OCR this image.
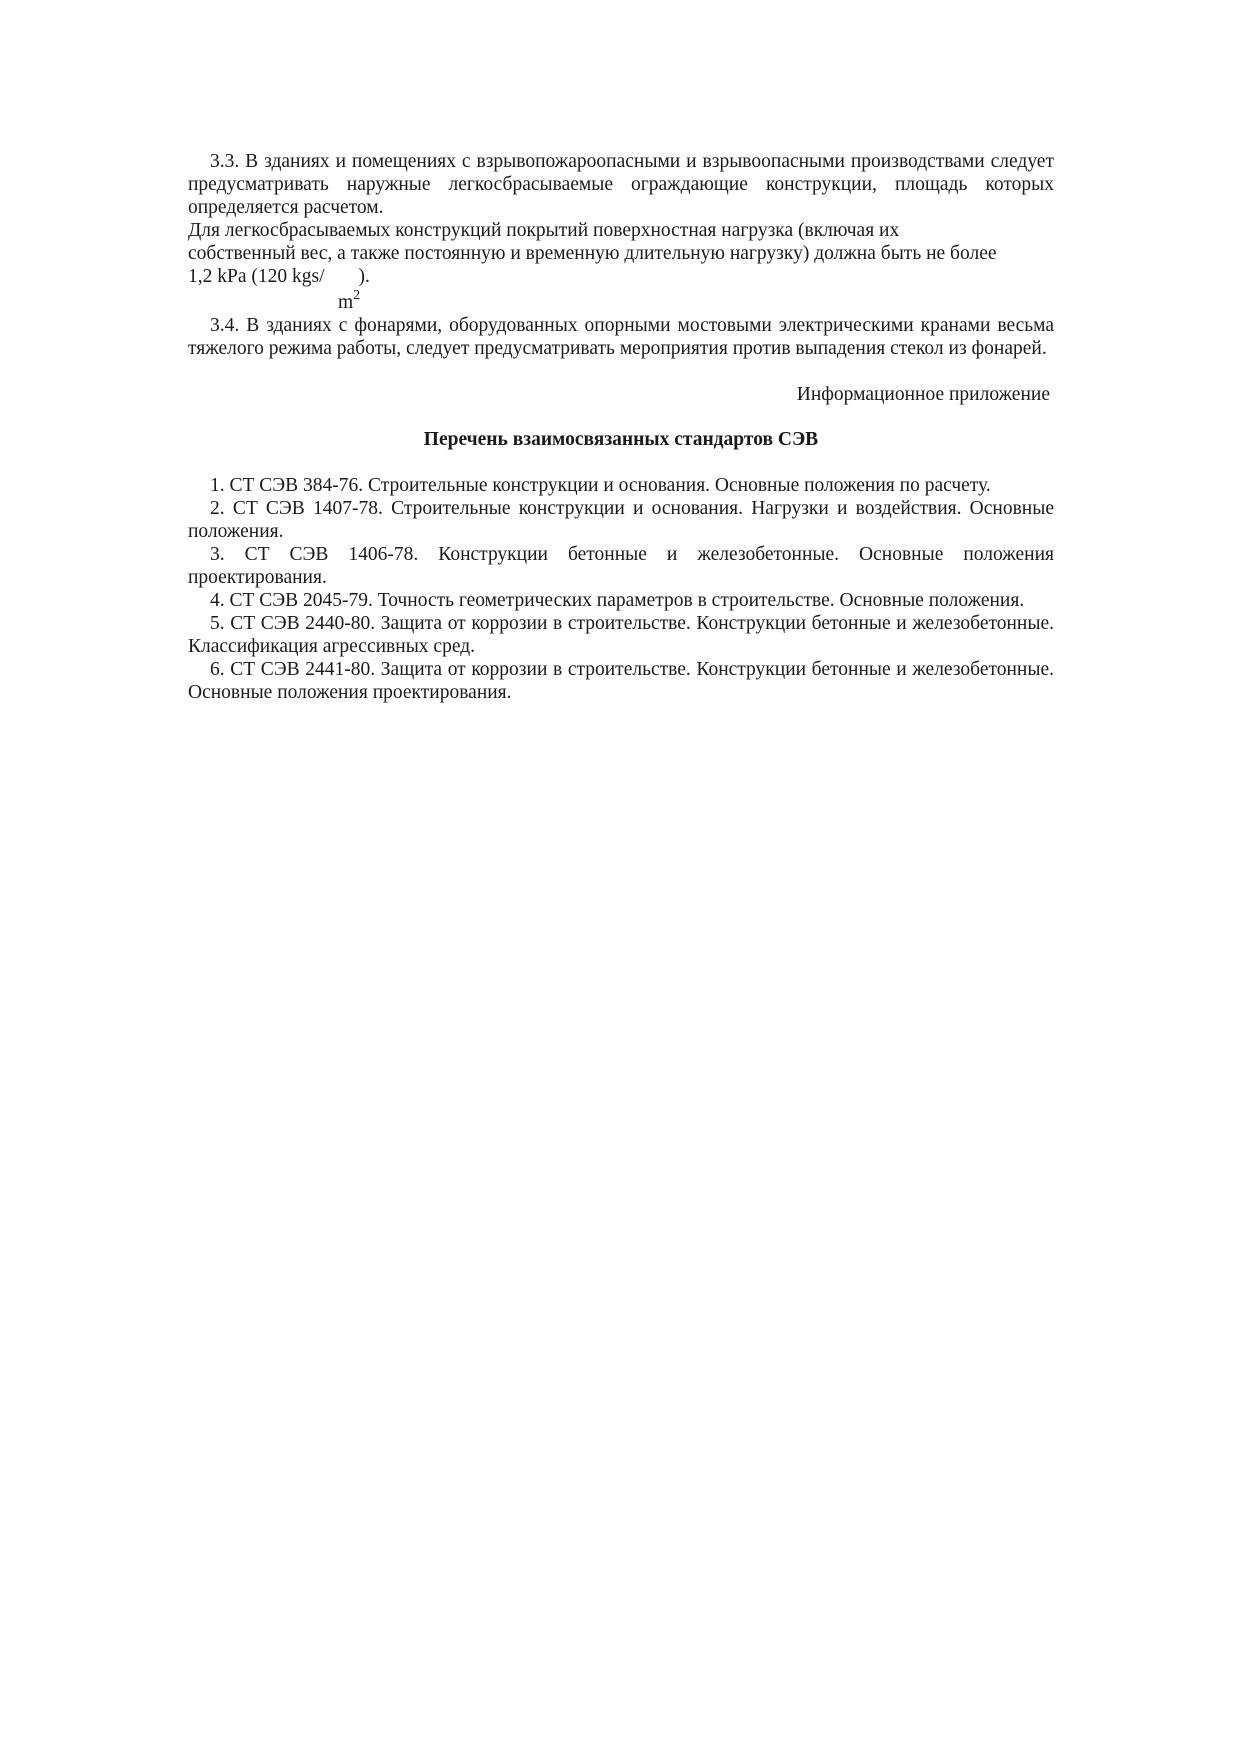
3.3. В зданиях и помещениях с взрывопожароопасными и взрывоопасными производствами следует предусматривать наружные легкосбрасываемые ограждающие конструкции, площадь которых определяется расчетом.

Для легкосбрасываемых конструкций покрытий поверхностная нагрузка (включая их

собственный вес, а также постоянную и временную длительную нагрузку) должна быть не более

1,2 kPa (120 kgs/ ).
$m^2$

3.4. В зданиях с фонарями, оборудованных опорными мостовыми электрическими кранами весьма тяжелого режима работы, следует предусматривать мероприятия против выпадения стекол из фонарей.

Информационное приложение

Перечень взаимосвязанных стандартов СЭВ

1. СТ СЭВ 384-76. Строительные конструкции и основания. Основные положения по расчету.

2. СТ СЭВ 1407-78. Строительные конструкции и основания. Нагрузки и воздействия. Основные положения.

3. СТ СЭВ 1406-78. Конструкции бетонные и железобетонные. Основные положения проектирования.

4. СТ СЭВ 2045-79. Точность геометрических параметров в строительстве. Основные положения.

5. СТ СЭВ 2440-80. Защита от коррозии в строительстве. Конструкции бетонные и железобетонные. Классификация агрессивных сред.

6. СТ СЭВ 2441-80. Защита от коррозии в строительстве. Конструкции бетонные и железобетонные. Основные положения проектирования.
